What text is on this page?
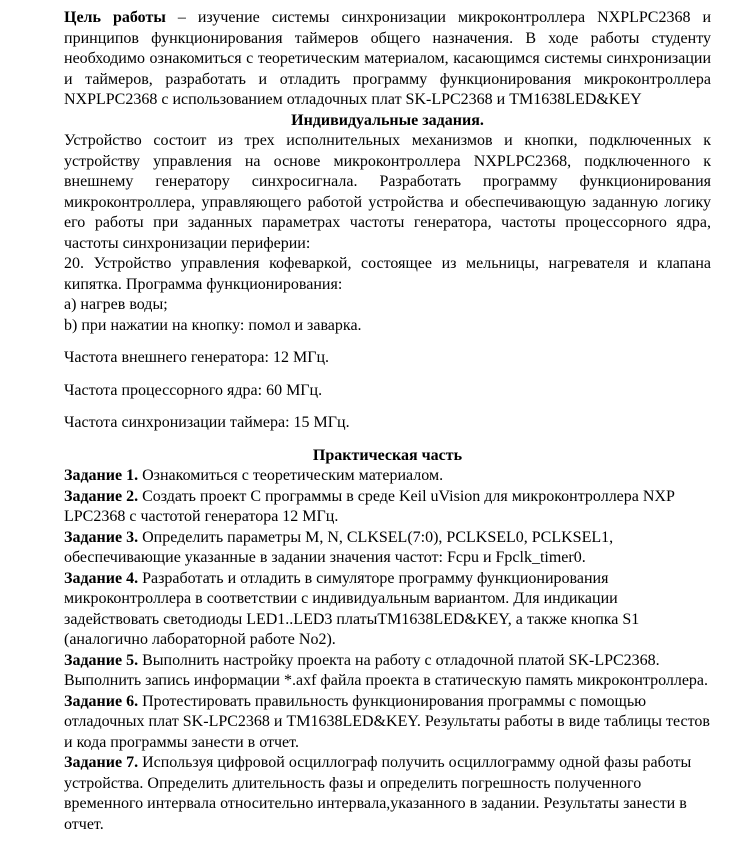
Цель работы – изучение системы синхронизации микроконтроллера NXPLPC2368 и принципов функционирования таймеров общего назначения. В ходе работы студенту необходимо ознакомиться с теоретическим материалом, касающимся системы синхронизации и таймеров, разработать и отладить программу функционирования микроконтроллера NXPLPC2368 с использованием отладочных плат SK-LPC2368 и TM1638LED&KEY

Индивидуальные задания.

Устройство состоит из трех исполнительных механизмов и кнопки, подключенных к устройству управления на основе микроконтроллера NXPLPC2368, подключенного к внешнему генератору синхросигнала. Разработать программу функционирования микроконтроллера, управляющего работой устройства и обеспечивающую заданную логику его работы при заданных параметрах частоты генератора, частоты процессорного ядра, частоты синхронизации периферии:

20. Устройство управления кофеваркой, состоящее из мельницы, нагревателя и клапана кипятка. Программа функционирования:

a) нагрев воды;

b) при нажатии на кнопку: помол и заварка.

Частота внешнего генератора: 12 МГц.

Частота процессорного ядра: 60 МГц.

Частота синхронизации таймера: 15 МГц.

Практическая часть

Задание 1. Ознакомиться с теоретическим материалом.

Задание 2. Создать проект C программы в среде Keil uVision для микроконтроллера NXP LPC2368 с частотой генератора 12 МГц.

Задание 3. Определить параметры M, N, CLKSEL(7:0), PCLKSEL0, PCLKSEL1, обеспечивающие указанные в задании значения частот: Fcpu и Fpclk_timer0.

Задание 4. Разработать и отладить в симуляторе программу функционирования микроконтроллера в соответствии с индивидуальным вариантом. Для индикации задействовать светодиоды LED1..LED3 платыTM1638LED&KEY, а также кнопка S1 (аналогично лабораторной работе No2).

Задание 5. Выполнить настройку проекта на работу с отладочной платой SK-LPC2368. Выполнить запись информации *.axf файла проекта в статическую память микроконтроллера.

Задание 6. Протестировать правильность функционирования программы с помощью отладочных плат SK-LPC2368 и TM1638LED&KEY. Результаты работы в виде таблицы тестов и кода программы занести в отчет.

Задание 7. Используя цифровой осциллограф получить осциллограмму одной фазы работы устройства. Определить длительность фазы и определить погрешность полученного временного интервала относительно интервала,указанного в задании. Результаты занести в отчет.
